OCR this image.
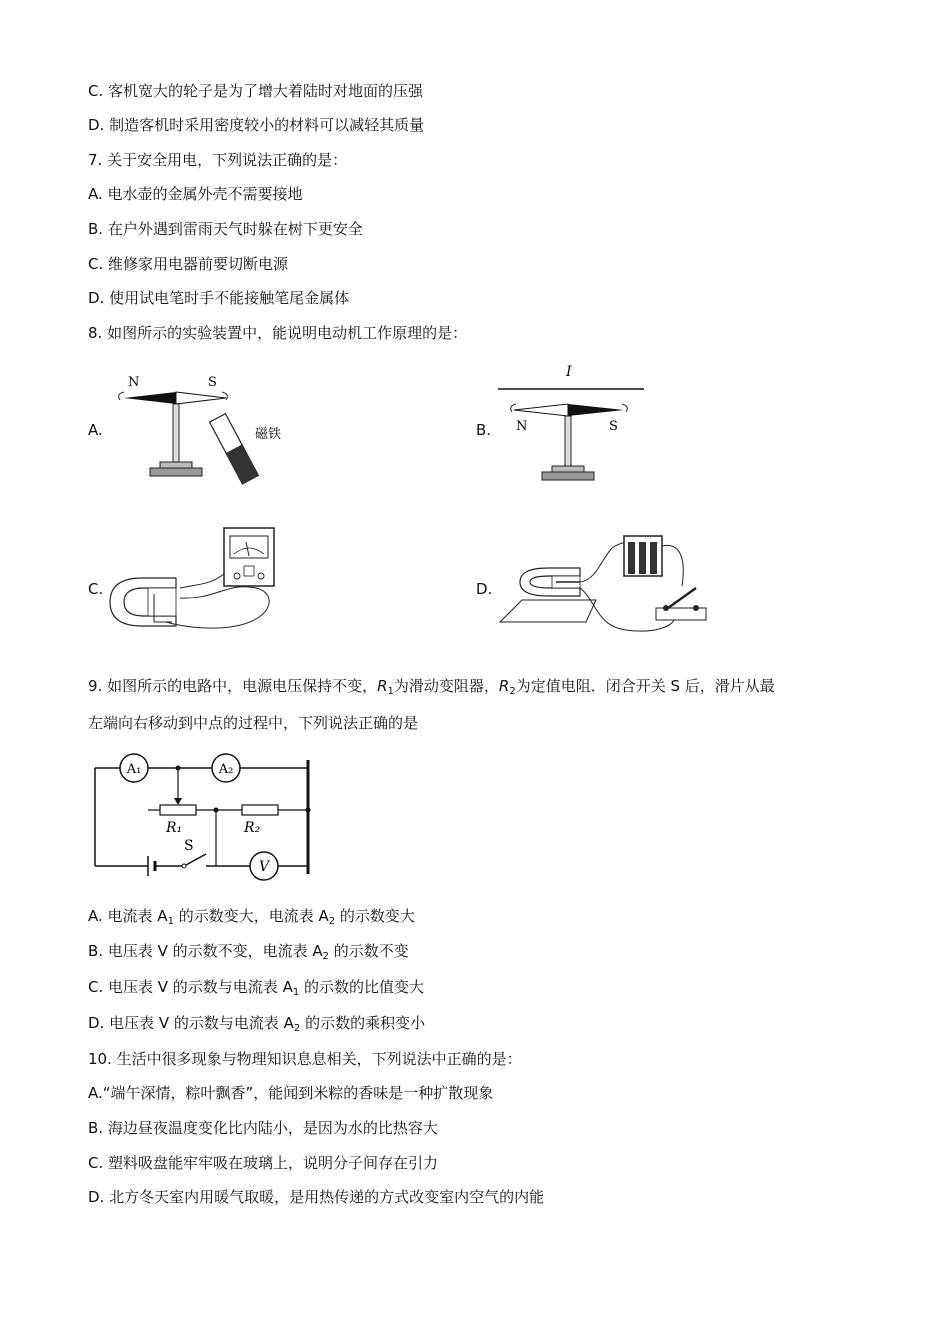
C. 客机宽大的轮子是为了增大着陆时对地面的压强
D. 制造客机时采用密度较小的材料可以减轻其质量
7. 关于安全用电，下列说法正确的是：
A. 电水壶的金属外壳不需要接地
B. 在户外遇到雷雨天气时躲在树下更安全
C. 维修家用电器前要切断电源
D. 使用试电笔时手不能接触笔尾金属体
8. 如图所示的实验装置中，能说明电动机工作原理的是：
A.
N	S
磁铁	B.
I
N	S
C.	D.
9. 如图所示的电路中，电源电压保持不变，$R_1$为滑动变阻器，$R_2$为定值电阻．闭合开关 S 后，滑片从最
左端向右移动到中点的过程中，下列说法正确的是
A₁	A₂
R₁	R₂
S
V
A. 电流表 $A_1$ 的示数变大，电流表 $A_2$ 的示数变大
B. 电压表 V 的示数不变，电流表 $A_2$ 的示数不变
C. 电压表 V 的示数与电流表 $A_1$ 的示数的比值变大
D. 电压表 V 的示数与电流表 $A_2$ 的示数的乘积变小
10. 生活中很多现象与物理知识息息相关，下列说法中正确的是：
A.“端午深情，粽叶飘香”，能闻到米粽的香味是一种扩散现象
B. 海边昼夜温度变化比内陆小，是因为水的比热容大
C. 塑料吸盘能牢牢吸在玻璃上，说明分子间存在引力
D. 北方冬天室内用暖气取暖，是用热传递的方式改变室内空气的内能
